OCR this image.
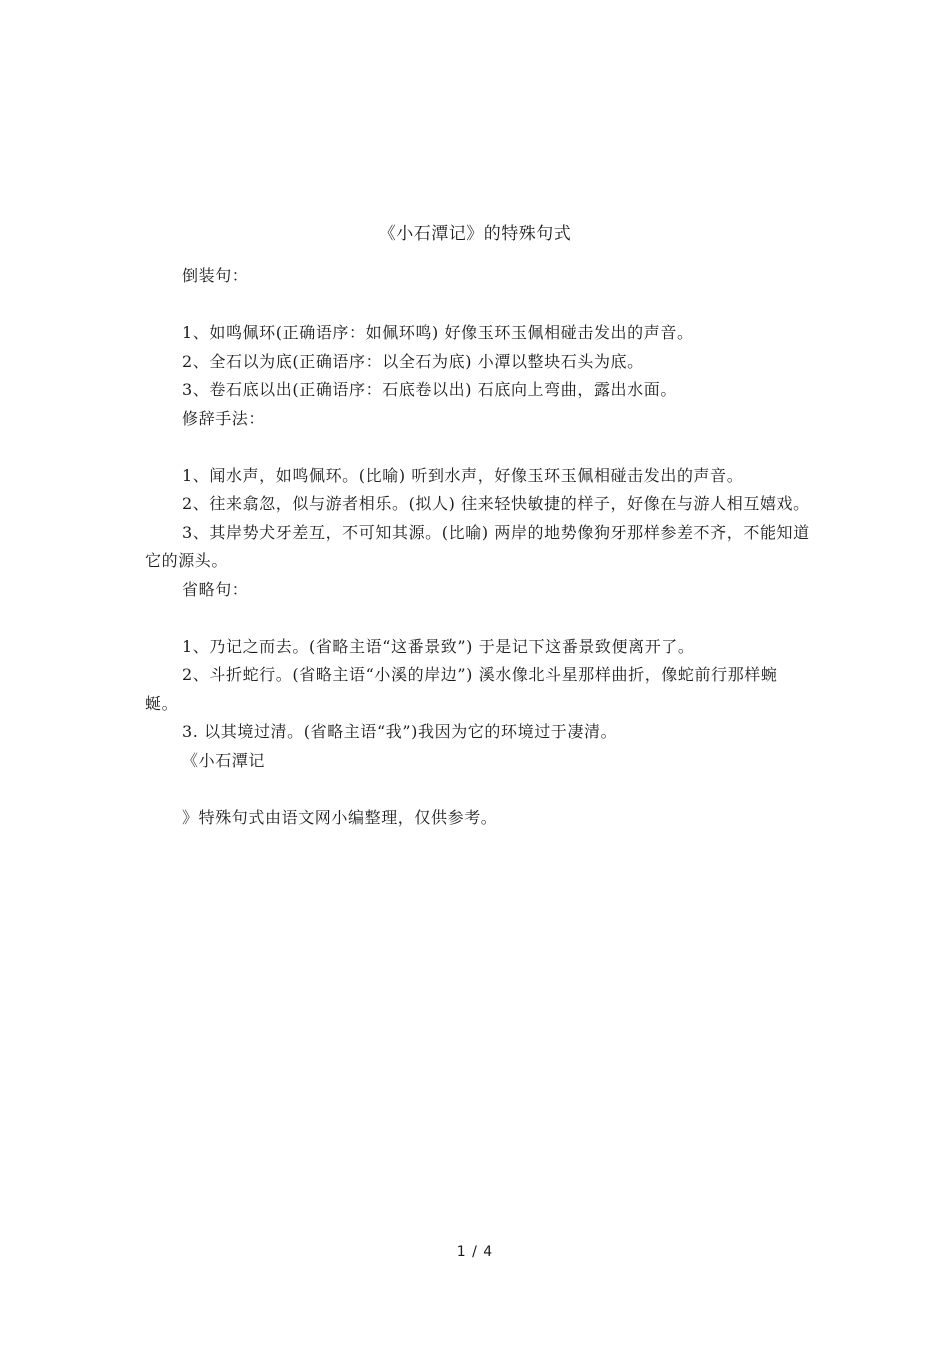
《小石潭记》的特殊句式
倒装句：
1、如鸣佩环(正确语序：如佩环鸣) 好像玉环玉佩相碰击发出的声音。
2、全石以为底(正确语序：以全石为底) 小潭以整块石头为底。
3、卷石底以出(正确语序：石底卷以出) 石底向上弯曲，露出水面。
修辞手法：
1、闻水声，如鸣佩环。(比喻) 听到水声，好像玉环玉佩相碰击发出的声音。
2、往来翕忽，似与游者相乐。(拟人) 往来轻快敏捷的样子，好像在与游人相互嬉戏。
3、其岸势犬牙差互，不可知其源。(比喻) 两岸的地势像狗牙那样参差不齐，不能知道它的源头。
省略句：
1、乃记之而去。(省略主语“这番景致”) 于是记下这番景致便离开了。
2、斗折蛇行。(省略主语“小溪的岸边”) 溪水像北斗星那样曲折，像蛇前行那样蜿蜒。
3. 以其境过清。(省略主语“我”)我因为它的环境过于凄清。
《小石潭记
》特殊句式由语文网小编整理，仅供参考。
1 / 4
